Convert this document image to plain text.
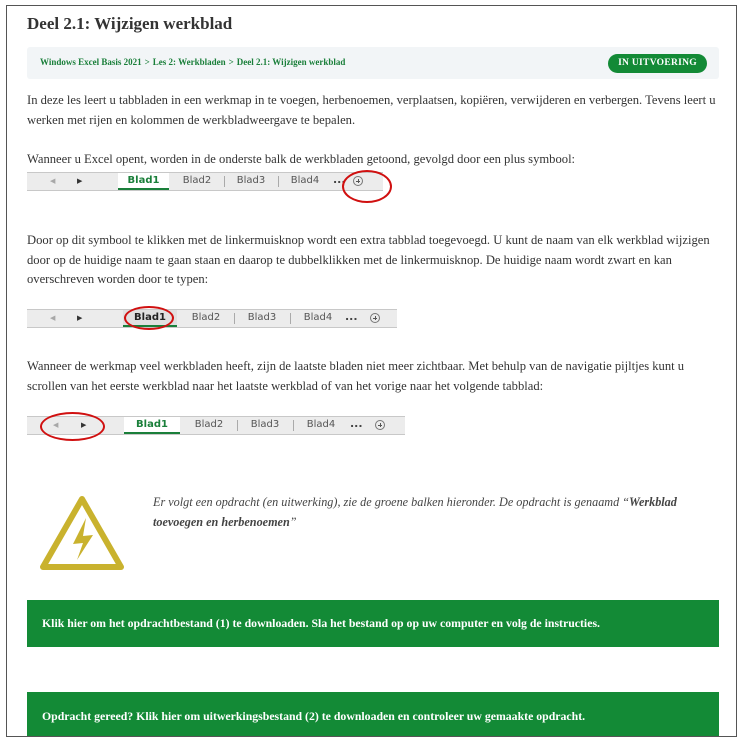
Deel 2.1: Wijzigen werkblad
Windows Excel Basis 2021 > Les 2: Werkbladen > Deel 2.1: Wijzigen werkblad	IN UITVOERING

In deze les leert u tabbladen in een werkmap in te voegen, herbenoemen, verplaatsen, kopiëren, verwijderen en verbergen. Tevens leert u werken met rijen en kolommen de werkbladweergave te bepalen.

Wanneer u Excel opent, worden in de onderste balk de werkbladen getoond, gevolgd door een plus symbool:

◀	▶	Blad1	Blad2	Blad3	Blad4	...

Door op dit symbool te klikken met de linkermuisknop wordt een extra tabblad toegevoegd. U kunt de naam van elk werkblad wijzigen door op de huidige naam te gaan staan en daarop te dubbelklikken met de linkermuisknop. De huidige naam wordt zwart en kan overschreven worden door te typen:

◀	▶	Blad1	Blad2	Blad3	Blad4	...

Wanneer de werkmap veel werkbladen heeft, zijn de laatste bladen niet meer zichtbaar. Met behulp van de navigatie pijltjes kunt u scrollen van het eerste werkblad naar het laatste werkblad of van het vorige naar het volgende tabblad:

◀	▶	Blad1	Blad2	Blad3	Blad4	...

Er volgt een opdracht (en uitwerking), zie de groene balken hieronder. De opdracht is genaamd “Werkblad toevoegen en herbenoemen”

Klik hier om het opdrachtbestand (1) te downloaden. Sla het bestand op op uw computer en volg de instructies.
Opdracht gereed? Klik hier om uitwerkingsbestand (2) te downloaden en controleer uw gemaakte opdracht.
